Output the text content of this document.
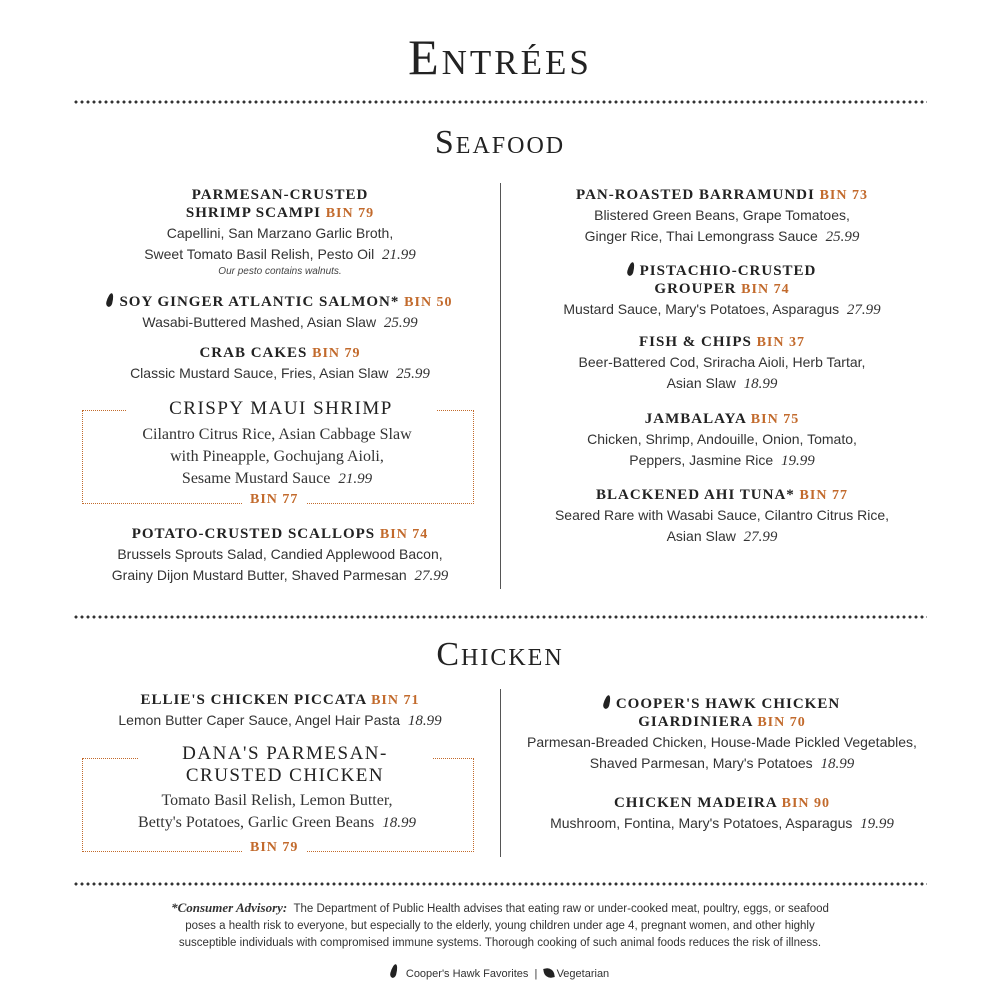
Entrées
Seafood
PARMESAN-CRUSTED
SHRIMP SCAMPI BIN 79
Capellini, San Marzano Garlic Broth,
Sweet Tomato Basil Relish, Pesto Oil 21.99
Our pesto contains walnuts.
SOY GINGER ATLANTIC SALMON* BIN 50
Wasabi-Buttered Mashed, Asian Slaw 25.99
CRAB CAKES BIN 79
Classic Mustard Sauce, Fries, Asian Slaw 25.99
CRISPY MAUI SHRIMP
Cilantro Citrus Rice, Asian Cabbage Slaw
with Pineapple, Gochujang Aioli,
Sesame Mustard Sauce 21.99
BIN 77
POTATO-CRUSTED SCALLOPS BIN 74
Brussels Sprouts Salad, Candied Applewood Bacon,
Grainy Dijon Mustard Butter, Shaved Parmesan 27.99
PAN-ROASTED BARRAMUNDI BIN 73
Blistered Green Beans, Grape Tomatoes,
Ginger Rice, Thai Lemongrass Sauce 25.99
PISTACHIO-CRUSTED
GROUPER BIN 74
Mustard Sauce, Mary's Potatoes, Asparagus 27.99
FISH & CHIPS BIN 37
Beer-Battered Cod, Sriracha Aioli, Herb Tartar,
Asian Slaw 18.99
JAMBALAYA BIN 75
Chicken, Shrimp, Andouille, Onion, Tomato,
Peppers, Jasmine Rice 19.99
BLACKENED AHI TUNA* BIN 77
Seared Rare with Wasabi Sauce, Cilantro Citrus Rice,
Asian Slaw 27.99
Chicken
ELLIE'S CHICKEN PICCATA BIN 71
Lemon Butter Caper Sauce, Angel Hair Pasta 18.99
DANA'S PARMESAN-
CRUSTED CHICKEN
Tomato Basil Relish, Lemon Butter,
Betty's Potatoes, Garlic Green Beans 18.99
BIN 79
COOPER'S HAWK CHICKEN
GIARDINIERA BIN 70
Parmesan-Breaded Chicken, House-Made Pickled Vegetables,
Shaved Parmesan, Mary's Potatoes 18.99
CHICKEN MADEIRA BIN 90
Mushroom, Fontina, Mary's Potatoes, Asparagus 19.99
*Consumer Advisory: The Department of Public Health advises that eating raw or under-cooked meat, poultry, eggs, or seafood poses a health risk to everyone, but especially to the elderly, young children under age 4, pregnant women, and other highly susceptible individuals with compromised immune systems. Thorough cooking of such animal foods reduces the risk of illness.
Cooper's Hawk Favorites | Vegetarian
